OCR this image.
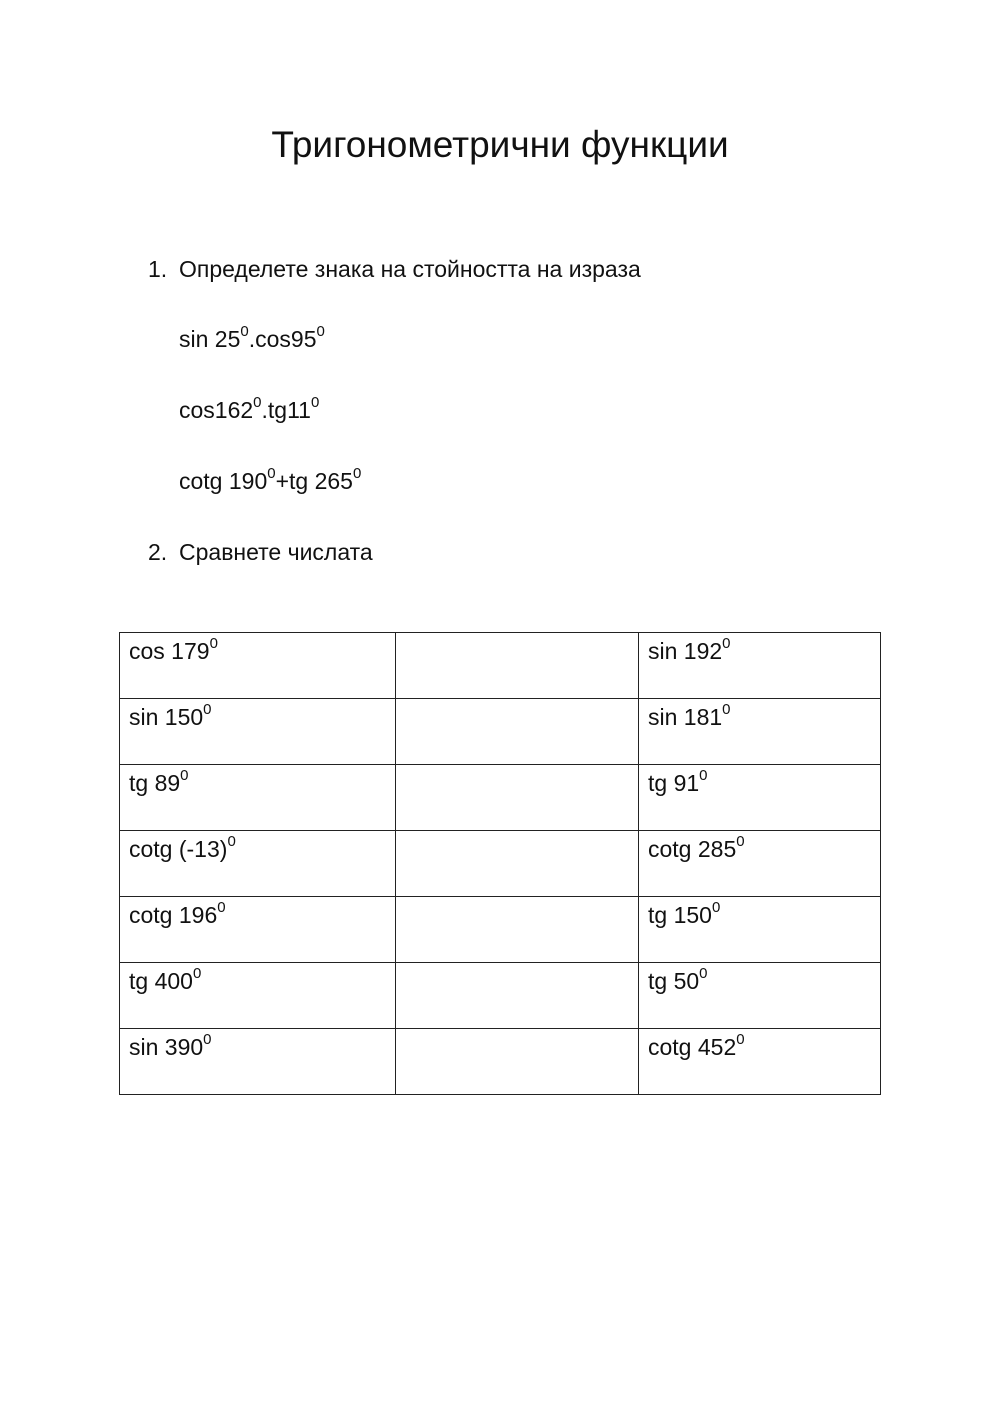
Тригонометрични функции
1. Определете знака на стойността на израза
$\sin 25^0.\cos 95^0$
$\cos 162^0.tg11^0$
cotg $190^0+tg$ $265^0$
2. Сравнете числата
$\cos 179^0$		$\sin 192^0$
$\sin 150^0$		$\sin 181^0$
tg $89^0$		tg $91^0$
cotg $(-13)^0$		cotg $285^0$
cotg $196^0$		tg $150^0$
tg $400^0$		tg $50^0$
$\sin 390^0$		cotg $452^0$
